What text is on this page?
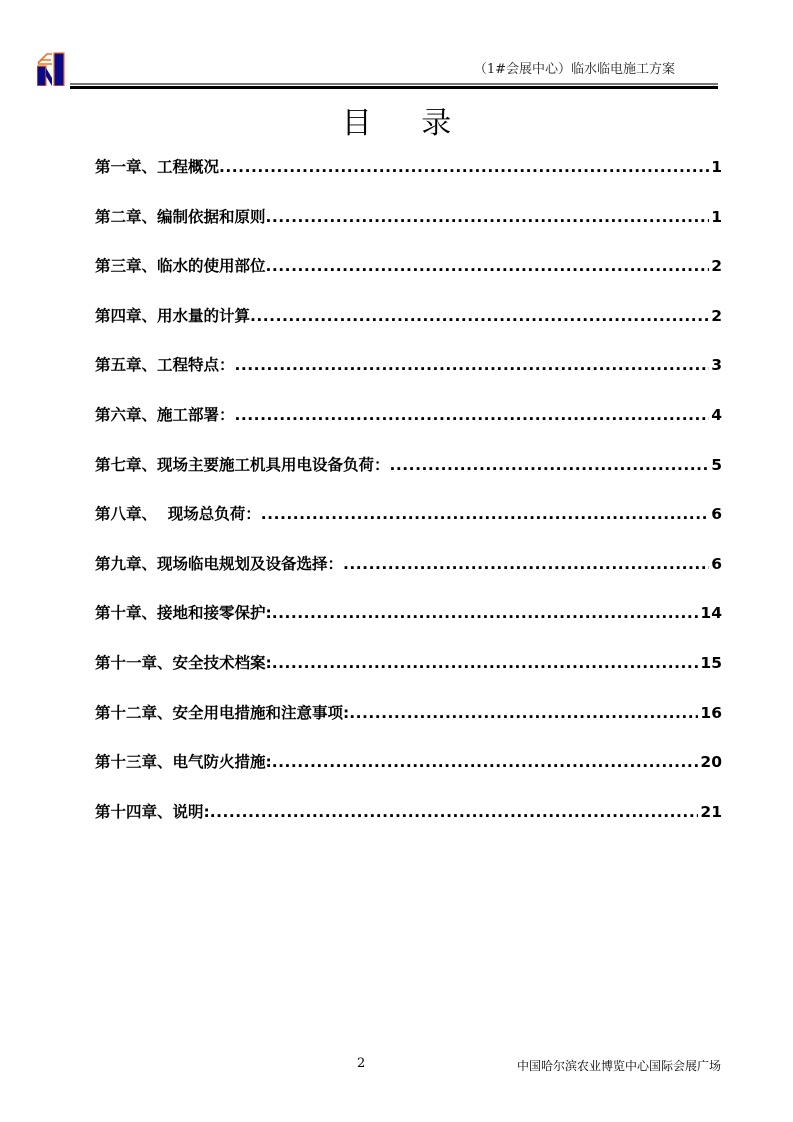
（1#会展中心）临水临电施工方案
目 录
第一章、工程概况 .....	1
第二章、编制依据和原则 .....	1
第三章、临水的使用部位 .....	2
第四章、用水量的计算 .....	2
第五章、工程特点： .....	3
第六章、施工部署： .....	4
第七章、现场主要施工机具用电设备负荷： .....	5
第八章、  现场总负荷： .....	6
第九章、现场临电规划及设备选择： .....	6
第十章、接地和接零保护: .....	14
第十一章、安全技术档案: .....	15
第十二章、安全用电措施和注意事项: .....	16
第十三章、电气防火措施: .....	20
第十四章、说明: .....	21
2	中国哈尔滨农业博览中心国际会展广场
